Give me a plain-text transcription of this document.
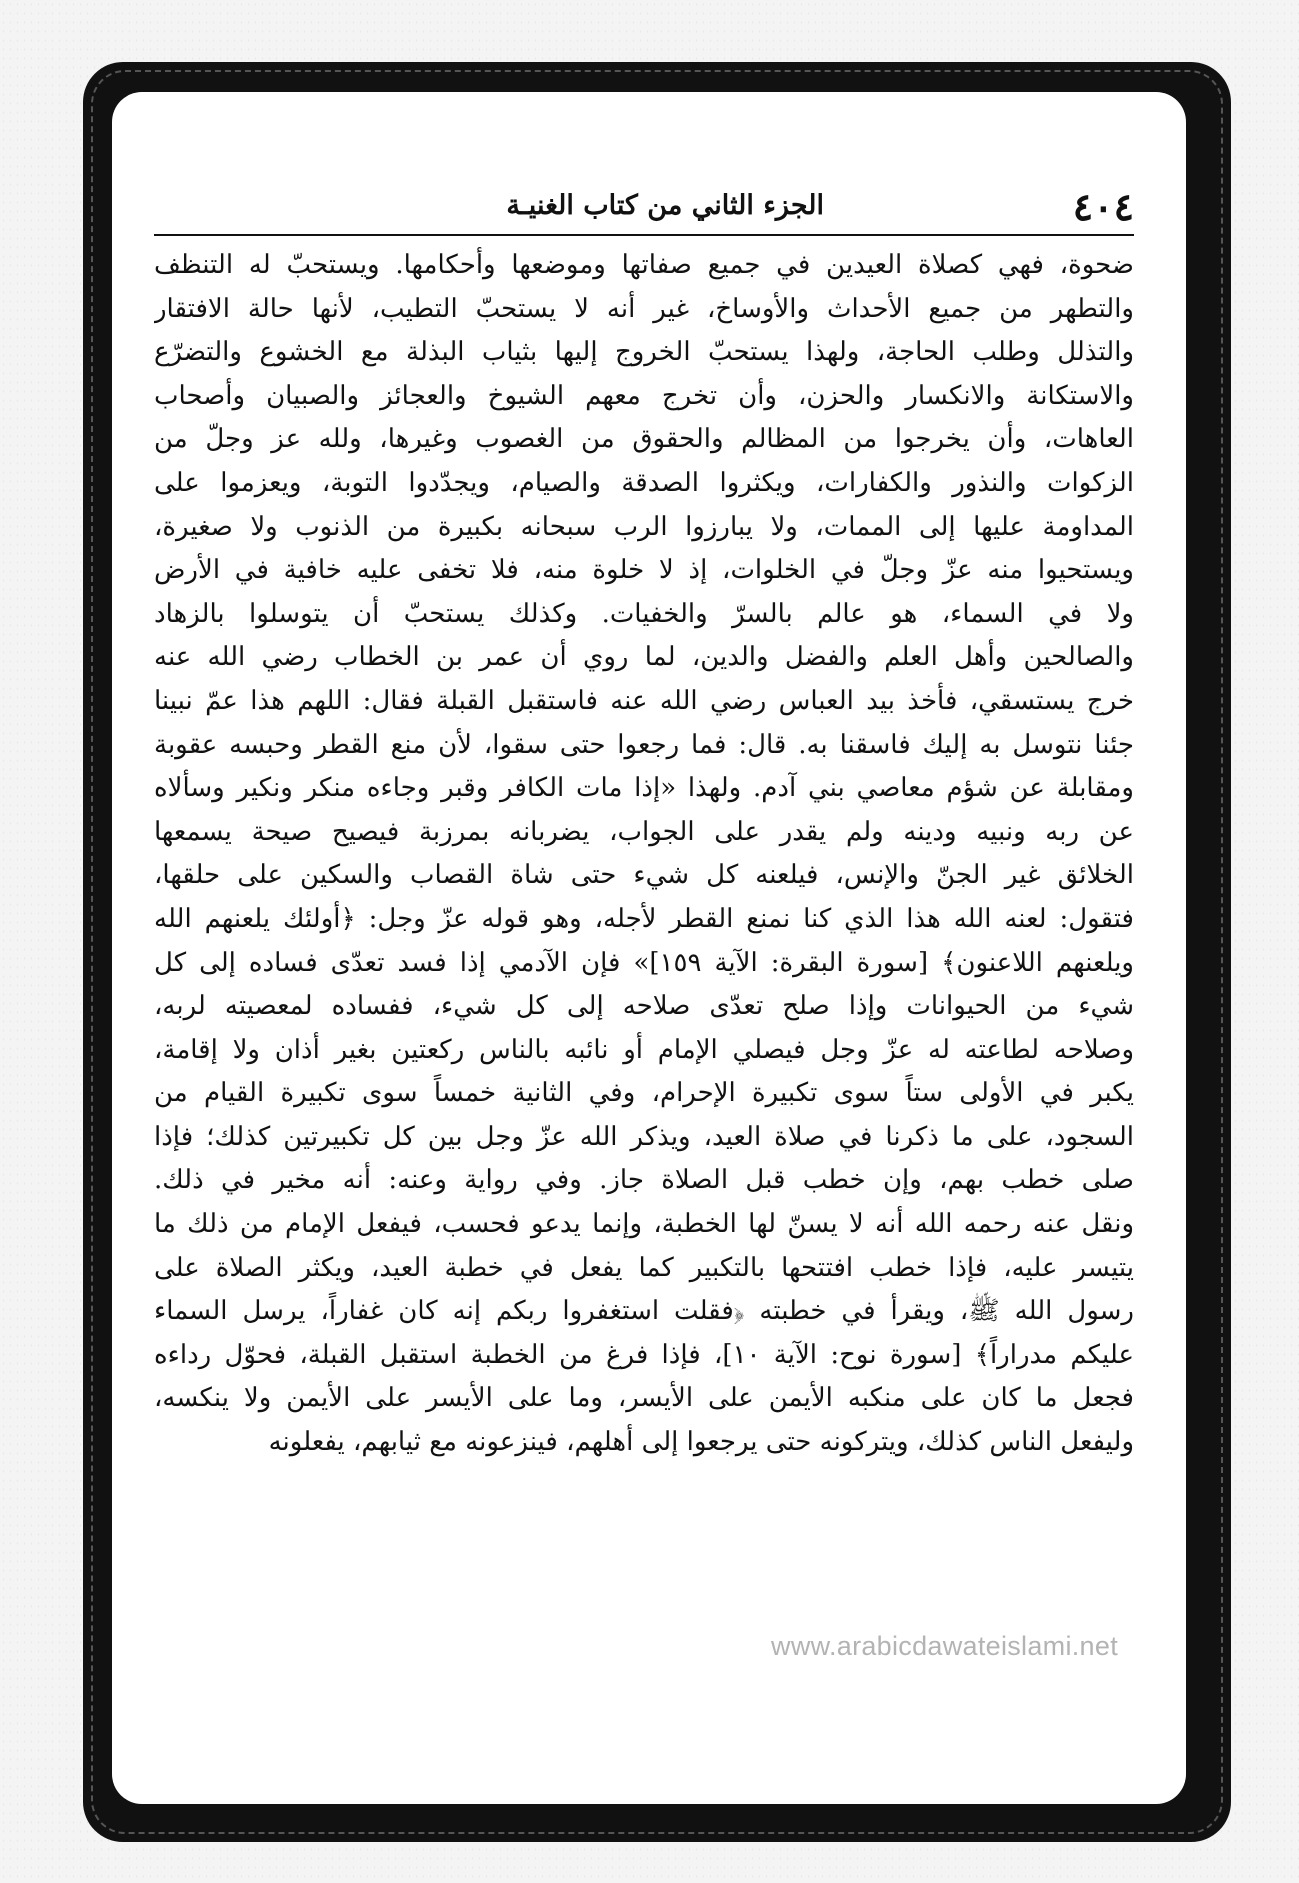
٤٠٤
الجزء الثاني من كتاب الغنيـة
ضحوة، فهي كصلاة العيدين في جميع صفاتها وموضعها وأحكامها. ويستحبّ له التنظف
والتطهر من جميع الأحداث والأوساخ، غير أنه لا يستحبّ التطيب، لأنها حالة الافتقار
والتذلل وطلب الحاجة، ولهذا يستحبّ الخروج إليها بثياب البذلة مع الخشوع والتضرّع
والاستكانة والانكسار والحزن، وأن تخرج معهم الشيوخ والعجائز والصبيان وأصحاب
العاهات، وأن يخرجوا من المظالم والحقوق من الغصوب وغيرها، ولله عز وجلّ من
الزكوات والنذور والكفارات، ويكثروا الصدقة والصيام، ويجدّدوا التوبة، ويعزموا على
المداومة عليها إلى الممات، ولا يبارزوا الرب سبحانه بكبيرة من الذنوب ولا صغيرة،
ويستحيوا منه عزّ وجلّ في الخلوات، إذ لا خلوة منه، فلا تخفى عليه خافية في الأرض
ولا في السماء، هو عالم بالسرّ والخفيات. وكذلك يستحبّ أن يتوسلوا بالزهاد
والصالحين وأهل العلم والفضل والدين، لما روي أن عمر بن الخطاب رضي الله عنه
خرج يستسقي، فأخذ بيد العباس رضي الله عنه فاستقبل القبلة فقال: اللهم هذا عمّ نبينا
جئنا نتوسل به إليك فاسقنا به. قال: فما رجعوا حتى سقوا، لأن منع القطر وحبسه عقوبة
ومقابلة عن شؤم معاصي بني آدم. ولهذا «إذا مات الكافر وقبر وجاءه منكر ونكير وسألاه
عن ربه ونبيه ودينه ولم يقدر على الجواب، يضربانه بمرزبة فيصيح صيحة يسمعها
الخلائق غير الجنّ والإنس، فيلعنه كل شيء حتى شاة القصاب والسكين على حلقها،
فتقول: لعنه الله هذا الذي كنا نمنع القطر لأجله، وهو قوله عزّ وجل: ﴿أولئك يلعنهم الله
ويلعنهم اللاعنون﴾ [سورة البقرة: الآية ١٥٩]» فإن الآدمي إذا فسد تعدّى فساده إلى كل
شيء من الحيوانات وإذا صلح تعدّى صلاحه إلى كل شيء، ففساده لمعصيته لربه،
وصلاحه لطاعته له عزّ وجل فيصلي الإمام أو نائبه بالناس ركعتين بغير أذان ولا إقامة،
يكبر في الأولى ستاً سوى تكبيرة الإحرام، وفي الثانية خمساً سوى تكبيرة القيام من
السجود، على ما ذكرنا في صلاة العيد، ويذكر الله عزّ وجل بين كل تكبيرتين كذلك؛ فإذا
صلى خطب بهم، وإن خطب قبل الصلاة جاز. وفي رواية وعنه: أنه مخير في ذلك.
ونقل عنه رحمه الله أنه لا يسنّ لها الخطبة، وإنما يدعو فحسب، فيفعل الإمام من ذلك ما
يتيسر عليه، فإذا خطب افتتحها بالتكبير كما يفعل في خطبة العيد، ويكثر الصلاة على
رسول الله ﷺ، ويقرأ في خطبته ﴿فقلت استغفروا ربكم إنه كان غفاراً، يرسل السماء
عليكم مدراراً﴾ [سورة نوح: الآية ١٠]، فإذا فرغ من الخطبة استقبل القبلة، فحوّل رداءه
فجعل ما كان على منكبه الأيمن على الأيسر، وما على الأيسر على الأيمن ولا ينكسه،
وليفعل الناس كذلك، ويتركونه حتى يرجعوا إلى أهلهم، فينزعونه مع ثيابهم، يفعلونه
www.arabicdawateislami.net
